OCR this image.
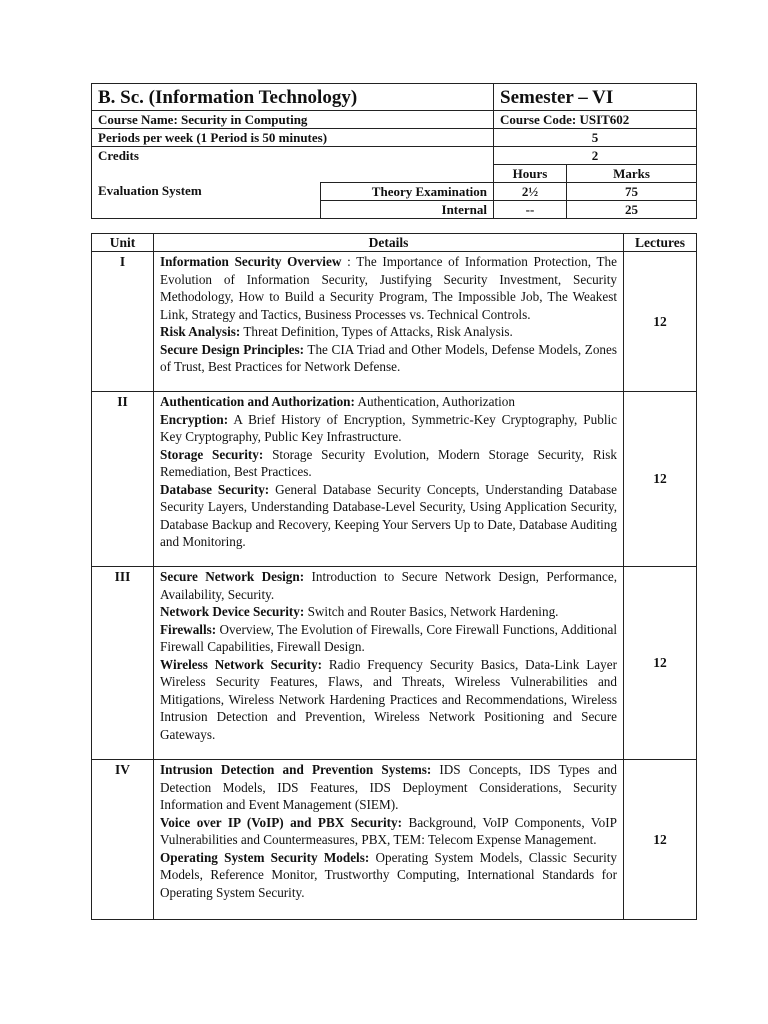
B. Sc. (Information Technology)		Semester – VI	
Course Name: Security in Computing		Course Code: USIT602	
Periods per week (1 Period is 50 minutes)		5	
Credits		2	
		Hours	Marks
Evaluation System	Theory Examination	2½	75
	Internal	--	25
Unit	Details	Lectures
I	Information Security Overview : The Importance of Information Protection, The Evolution of Information Security, Justifying Security Investment, Security Methodology, How to Build a Security Program, The Impossible Job, The Weakest Link, Strategy and Tactics, Business Processes vs. Technical Controls.

Risk Analysis: Threat Definition, Types of Attacks, Risk Analysis.

Secure Design Principles: The CIA Triad and Other Models, Defense Models, Zones of Trust, Best Practices for Network Defense.	12
II	Authentication and Authorization: Authentication, Authorization

Encryption: A Brief History of Encryption, Symmetric-Key Cryptography, Public Key Cryptography, Public Key Infrastructure.

Storage Security: Storage Security Evolution, Modern Storage Security, Risk Remediation, Best Practices.

Database Security: General Database Security Concepts, Understanding Database Security Layers, Understanding Database-Level Security, Using Application Security, Database Backup and Recovery, Keeping Your Servers Up to Date, Database Auditing and Monitoring.	12
III	Secure Network Design: Introduction to Secure Network Design, Performance, Availability, Security.

Network Device Security: Switch and Router Basics, Network Hardening.

Firewalls: Overview, The Evolution of Firewalls, Core Firewall Functions, Additional Firewall Capabilities, Firewall Design.

Wireless Network Security: Radio Frequency Security Basics, Data-Link Layer Wireless Security Features, Flaws, and Threats, Wireless Vulnerabilities and Mitigations, Wireless Network Hardening Practices and Recommendations, Wireless Intrusion Detection and Prevention, Wireless Network Positioning and Secure Gateways.	12
IV	Intrusion Detection and Prevention Systems: IDS Concepts, IDS Types and Detection Models, IDS Features, IDS Deployment Considerations, Security Information and Event Management (SIEM).

Voice over IP (VoIP) and PBX Security: Background, VoIP Components, VoIP Vulnerabilities and Countermeasures, PBX, TEM: Telecom Expense Management.

Operating System Security Models: Operating System Models, Classic Security Models, Reference Monitor, Trustworthy Computing, International Standards for Operating System Security.	12
